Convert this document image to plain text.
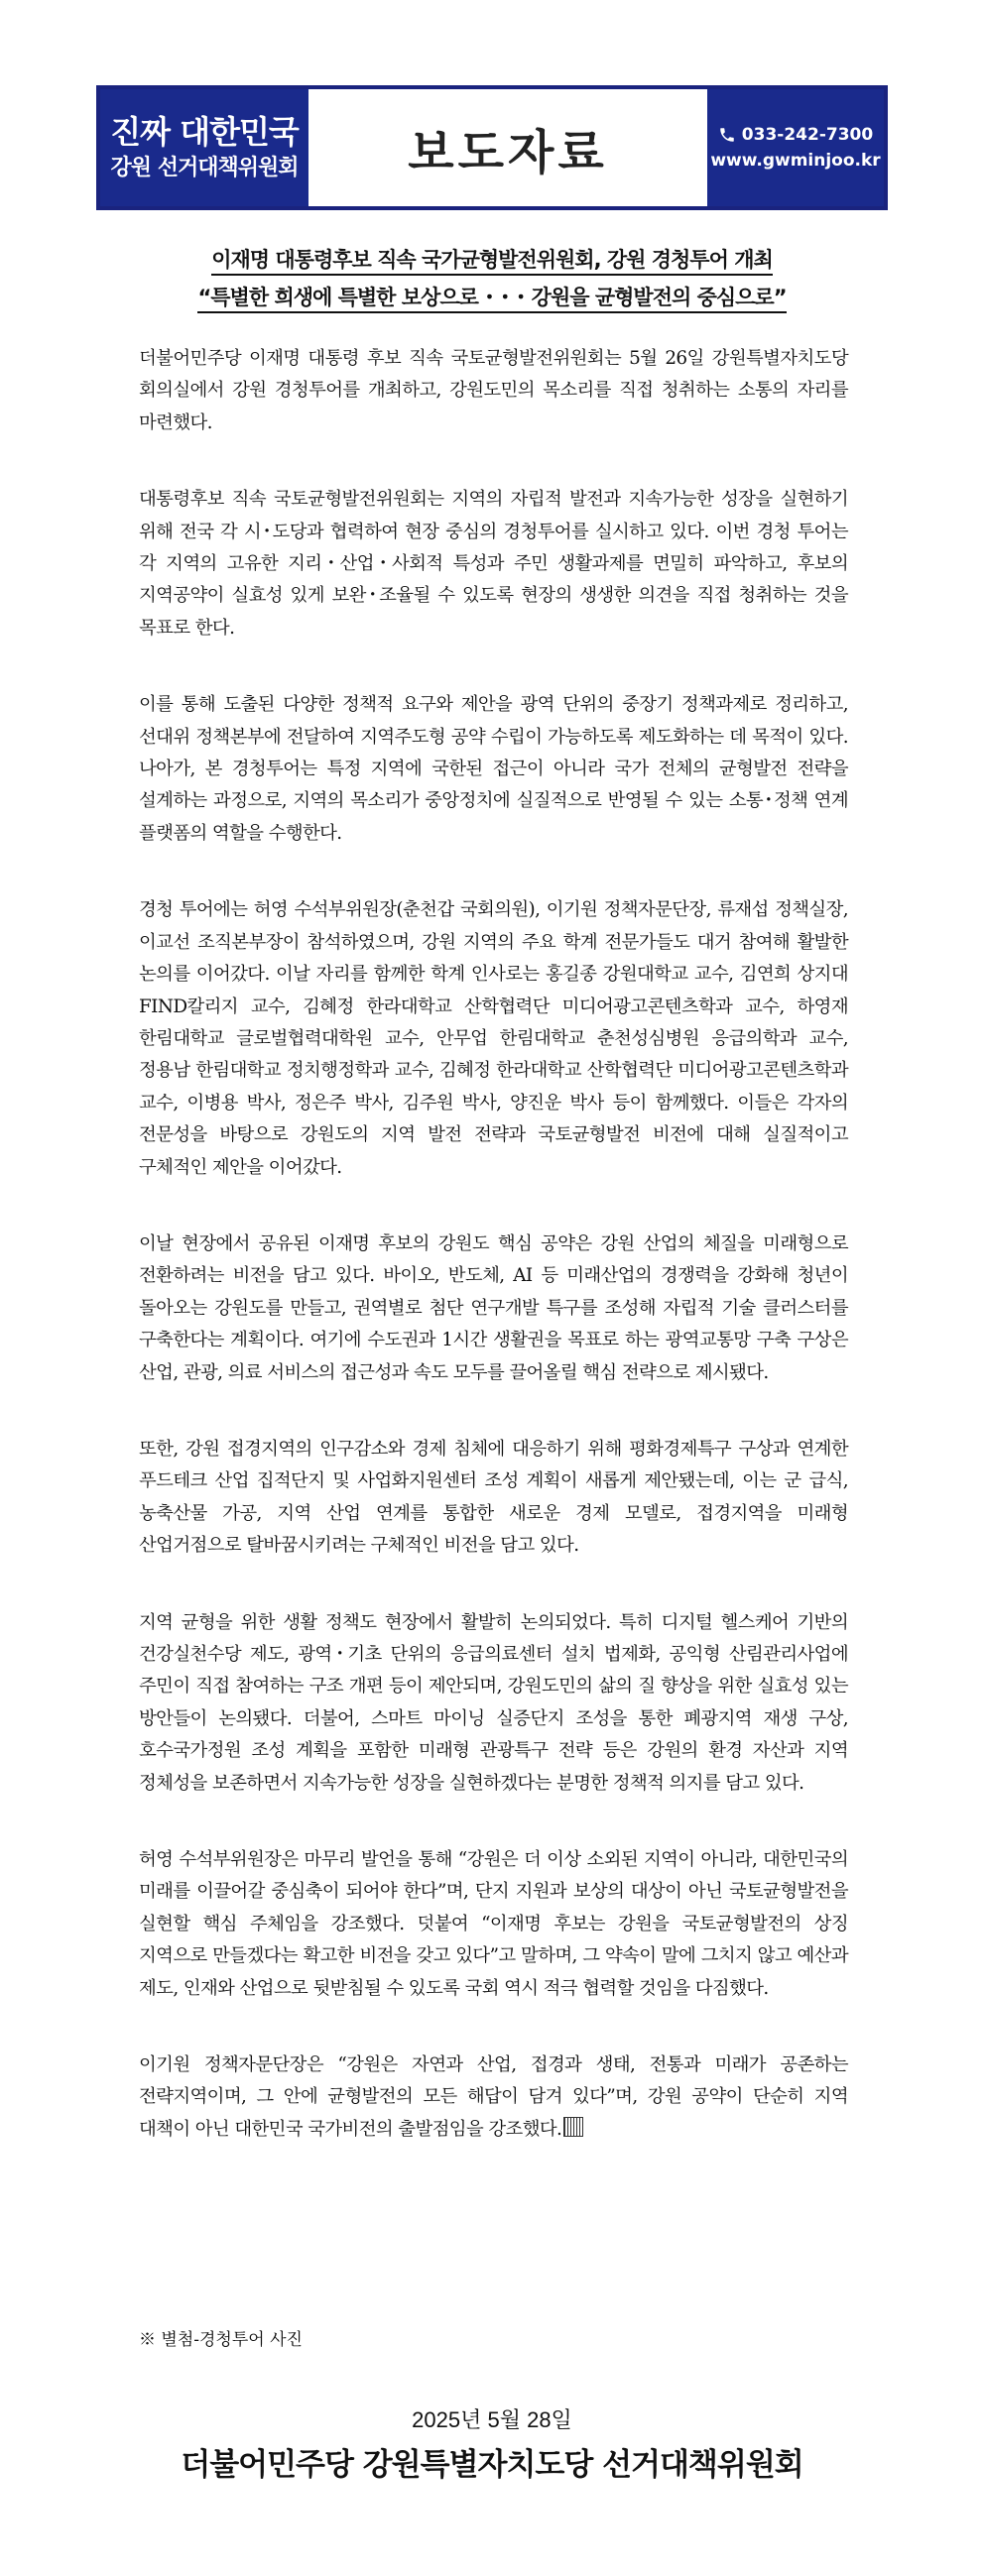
진짜 대한민국
강원 선거대책위원회 보도자료	033-242-7300
www.gwminjoo.kr
이재명 대통령후보 직속 국가균형발전위원회, 강원 경청투어 개최
“특별한 희생에 특별한 보상으로 ･ ･ ･ 강원을 균형발전의 중심으로”

더불어민주당 이재명 대통령 후보 직속 국토균형발전위원회는 5월 26일 강원특별자치도당 회의실에서 강원 경청투어를 개최하고, 강원도민의 목소리를 직접 청취하는 소통의 자리를 마련했다.

대통령후보 직속 국토균형발전위원회는 지역의 자립적 발전과 지속가능한 성장을 실현하기 위해 전국 각 시･도당과 협력하여 현장 중심의 경청투어를 실시하고 있다. 이번 경청 투어는 각 지역의 고유한 지리･산업･사회적 특성과 주민 생활과제를 면밀히 파악하고, 후보의 지역공약이 실효성 있게 보완･조율될 수 있도록 현장의 생생한 의견을 직접 청취하는 것을 목표로 한다.

이를 통해 도출된 다양한 정책적 요구와 제안을 광역 단위의 중장기 정책과제로 정리하고, 선대위 정책본부에 전달하여 지역주도형 공약 수립이 가능하도록 제도화하는 데 목적이 있다. 나아가, 본 경청투어는 특정 지역에 국한된 접근이 아니라 국가 전체의 균형발전 전략을 설계하는 과정으로, 지역의 목소리가 중앙정치에 실질적으로 반영될 수 있는 소통･정책 연계 플랫폼의 역할을 수행한다.

경청 투어에는 허영 수석부위원장(춘천갑 국회의원), 이기원 정책자문단장, 류재섭 정책실장, 이교선 조직본부장이 참석하였으며, 강원 지역의 주요 학계 전문가들도 대거 참여해 활발한 논의를 이어갔다. 이날 자리를 함께한 학계 인사로는 홍길종 강원대학교 교수, 김연희 상지대 FIND칼리지 교수, 김혜정 한라대학교 산학협력단 미디어광고콘텐츠학과 교수, 하영재 한림대학교 글로벌협력대학원 교수, 안무업 한림대학교 춘천성심병원 응급의학과 교수, 정용남 한림대학교 정치행정학과 교수, 김혜정 한라대학교 산학협력단 미디어광고콘텐츠학과 교수, 이병용 박사, 정은주 박사, 김주원 박사, 양진운 박사 등이 함께했다. 이들은 각자의 전문성을 바탕으로 강원도의 지역 발전 전략과 국토균형발전 비전에 대해 실질적이고 구체적인 제안을 이어갔다.

이날 현장에서 공유된 이재명 후보의 강원도 핵심 공약은 강원 산업의 체질을 미래형으로 전환하려는 비전을 담고 있다. 바이오, 반도체, AI 등 미래산업의 경쟁력을 강화해 청년이 돌아오는 강원도를 만들고, 권역별로 첨단 연구개발 특구를 조성해 자립적 기술 클러스터를 구축한다는 계획이다. 여기에 수도권과 1시간 생활권을 목표로 하는 광역교통망 구축 구상은 산업, 관광, 의료 서비스의 접근성과 속도 모두를 끌어올릴 핵심 전략으로 제시됐다.

또한, 강원 접경지역의 인구감소와 경제 침체에 대응하기 위해 평화경제특구 구상과 연계한 푸드테크 산업 집적단지 및 사업화지원센터 조성 계획이 새롭게 제안됐는데, 이는 군 급식, 농축산물 가공, 지역 산업 연계를 통합한 새로운 경제 모델로, 접경지역을 미래형 산업거점으로 탈바꿈시키려는 구체적인 비전을 담고 있다.

지역 균형을 위한 생활 정책도 현장에서 활발히 논의되었다. 특히 디지털 헬스케어 기반의 건강실천수당 제도, 광역･기초 단위의 응급의료센터 설치 법제화, 공익형 산림관리사업에 주민이 직접 참여하는 구조 개편 등이 제안되며, 강원도민의 삶의 질 향상을 위한 실효성 있는 방안들이 논의됐다. 더불어, 스마트 마이닝 실증단지 조성을 통한 폐광지역 재생 구상, 호수국가정원 조성 계획을 포함한 미래형 관광특구 전략 등은 강원의 환경 자산과 지역 정체성을 보존하면서 지속가능한 성장을 실현하겠다는 분명한 정책적 의지를 담고 있다.

허영 수석부위원장은 마무리 발언을 통해 “강원은 더 이상 소외된 지역이 아니라, 대한민국의 미래를 이끌어갈 중심축이 되어야 한다”며, 단지 지원과 보상의 대상이 아닌 국토균형발전을 실현할 핵심 주체임을 강조했다. 덧붙여 “이재명 후보는 강원을 국토균형발전의 상징 지역으로 만들겠다는 확고한 비전을 갖고 있다”고 말하며, 그 약속이 말에 그치지 않고 예산과 제도, 인재와 산업으로 뒷받침될 수 있도록 국회 역시 적극 협력할 것임을 다짐했다.

이기원 정책자문단장은 “강원은 자연과 산업, 접경과 생태, 전통과 미래가 공존하는 전략지역이며, 그 안에 균형발전의 모든 해답이 담겨 있다”며, 강원 공약이 단순히 지역 대책이 아닌 대한민국 국가비전의 출발점임을 강조했다.

※ 별첨-경청투어 사진
2025년 5월 28일
더불어민주당 강원특별자치도당 선거대책위원회
